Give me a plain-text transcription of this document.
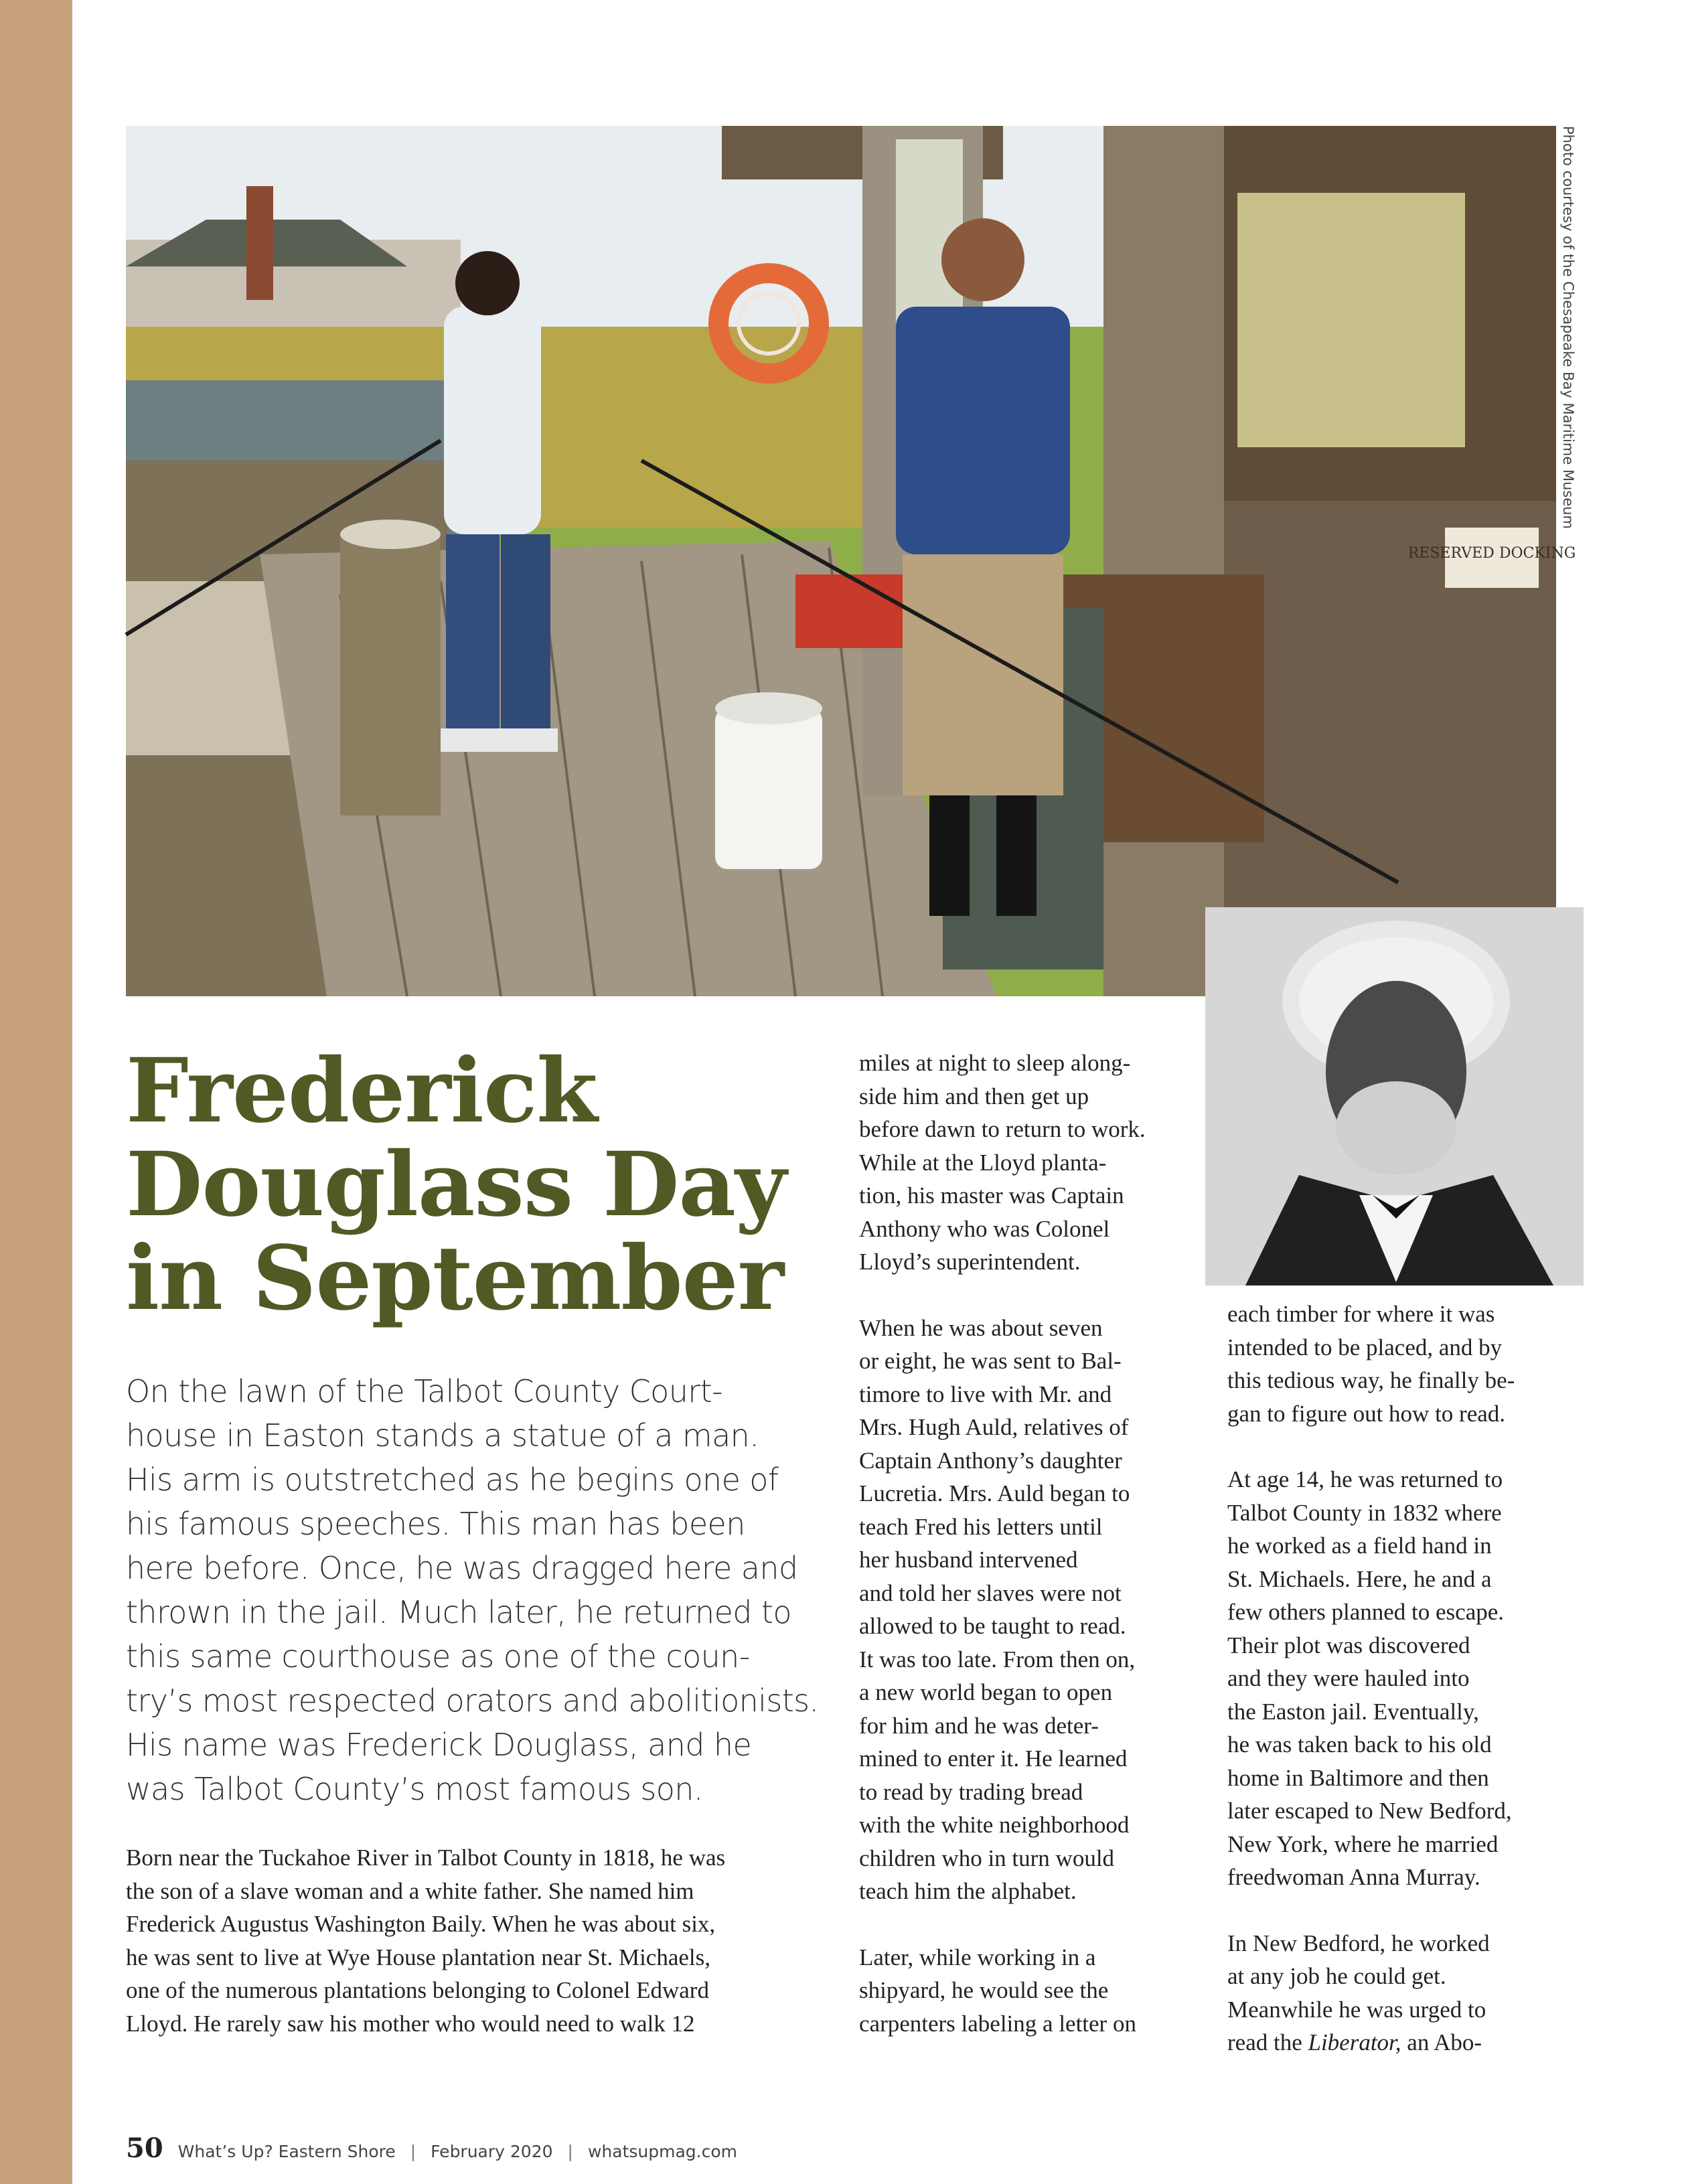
RESERVED DOCKING
Photo courtesy of the Chesapeake Bay Maritime Museum
Frederick
Douglass Day
in September
On the lawn of the Talbot County Court-
house in Easton stands a statue of a man.
His arm is outstretched as he begins one of
his famous speeches. This man has been
here before. Once, he was dragged here and
thrown in the jail. Much later, he returned to
this same courthouse as one of the coun-
try’s most respected orators and abolitionists.
His name was Frederick Douglass, and he
was Talbot County’s most famous son.
Born near the Tuckahoe River in Talbot County in 1818, he was
the son of a slave woman and a white father. She named him
Frederick Augustus Washington Baily. When he was about six,
he was sent to live at Wye House plantation near St. Michaels,
one of the numerous plantations belonging to Colonel Edward
Lloyd. He rarely saw his mother who would need to walk 12
miles at night to sleep along-
side him and then get up
before dawn to return to work.
While at the Lloyd planta-
tion, his master was Captain
Anthony who was Colonel
Lloyd’s superintendent.
When he was about seven
or eight, he was sent to Bal-
timore to live with Mr. and
Mrs. Hugh Auld, relatives of
Captain Anthony’s daughter
Lucretia. Mrs. Auld began to
teach Fred his letters until
her husband intervened
and told her slaves were not
allowed to be taught to read.
It was too late. From then on,
a new world began to open
for him and he was deter-
mined to enter it. He learned
to read by trading bread
with the white neighborhood
children who in turn would
teach him the alphabet.
Later, while working in a
shipyard, he would see the
carpenters labeling a letter on
each timber for where it was
intended to be placed, and by
this tedious way, he finally be-
gan to figure out how to read.
At age 14, he was returned to
Talbot County in 1832 where
he worked as a field hand in
St. Michaels. Here, he and a
few others planned to escape.
Their plot was discovered
and they were hauled into
the Easton jail. Eventually,
he was taken back to his old
home in Baltimore and then
later escaped to New Bedford,
New York, where he married
freedwoman Anna Murray.
In New Bedford, he worked
at any job he could get.
Meanwhile he was urged to
read the Liberator, an Abo-
50 What’s Up? Eastern Shore | February 2020 | whatsupmag.com
